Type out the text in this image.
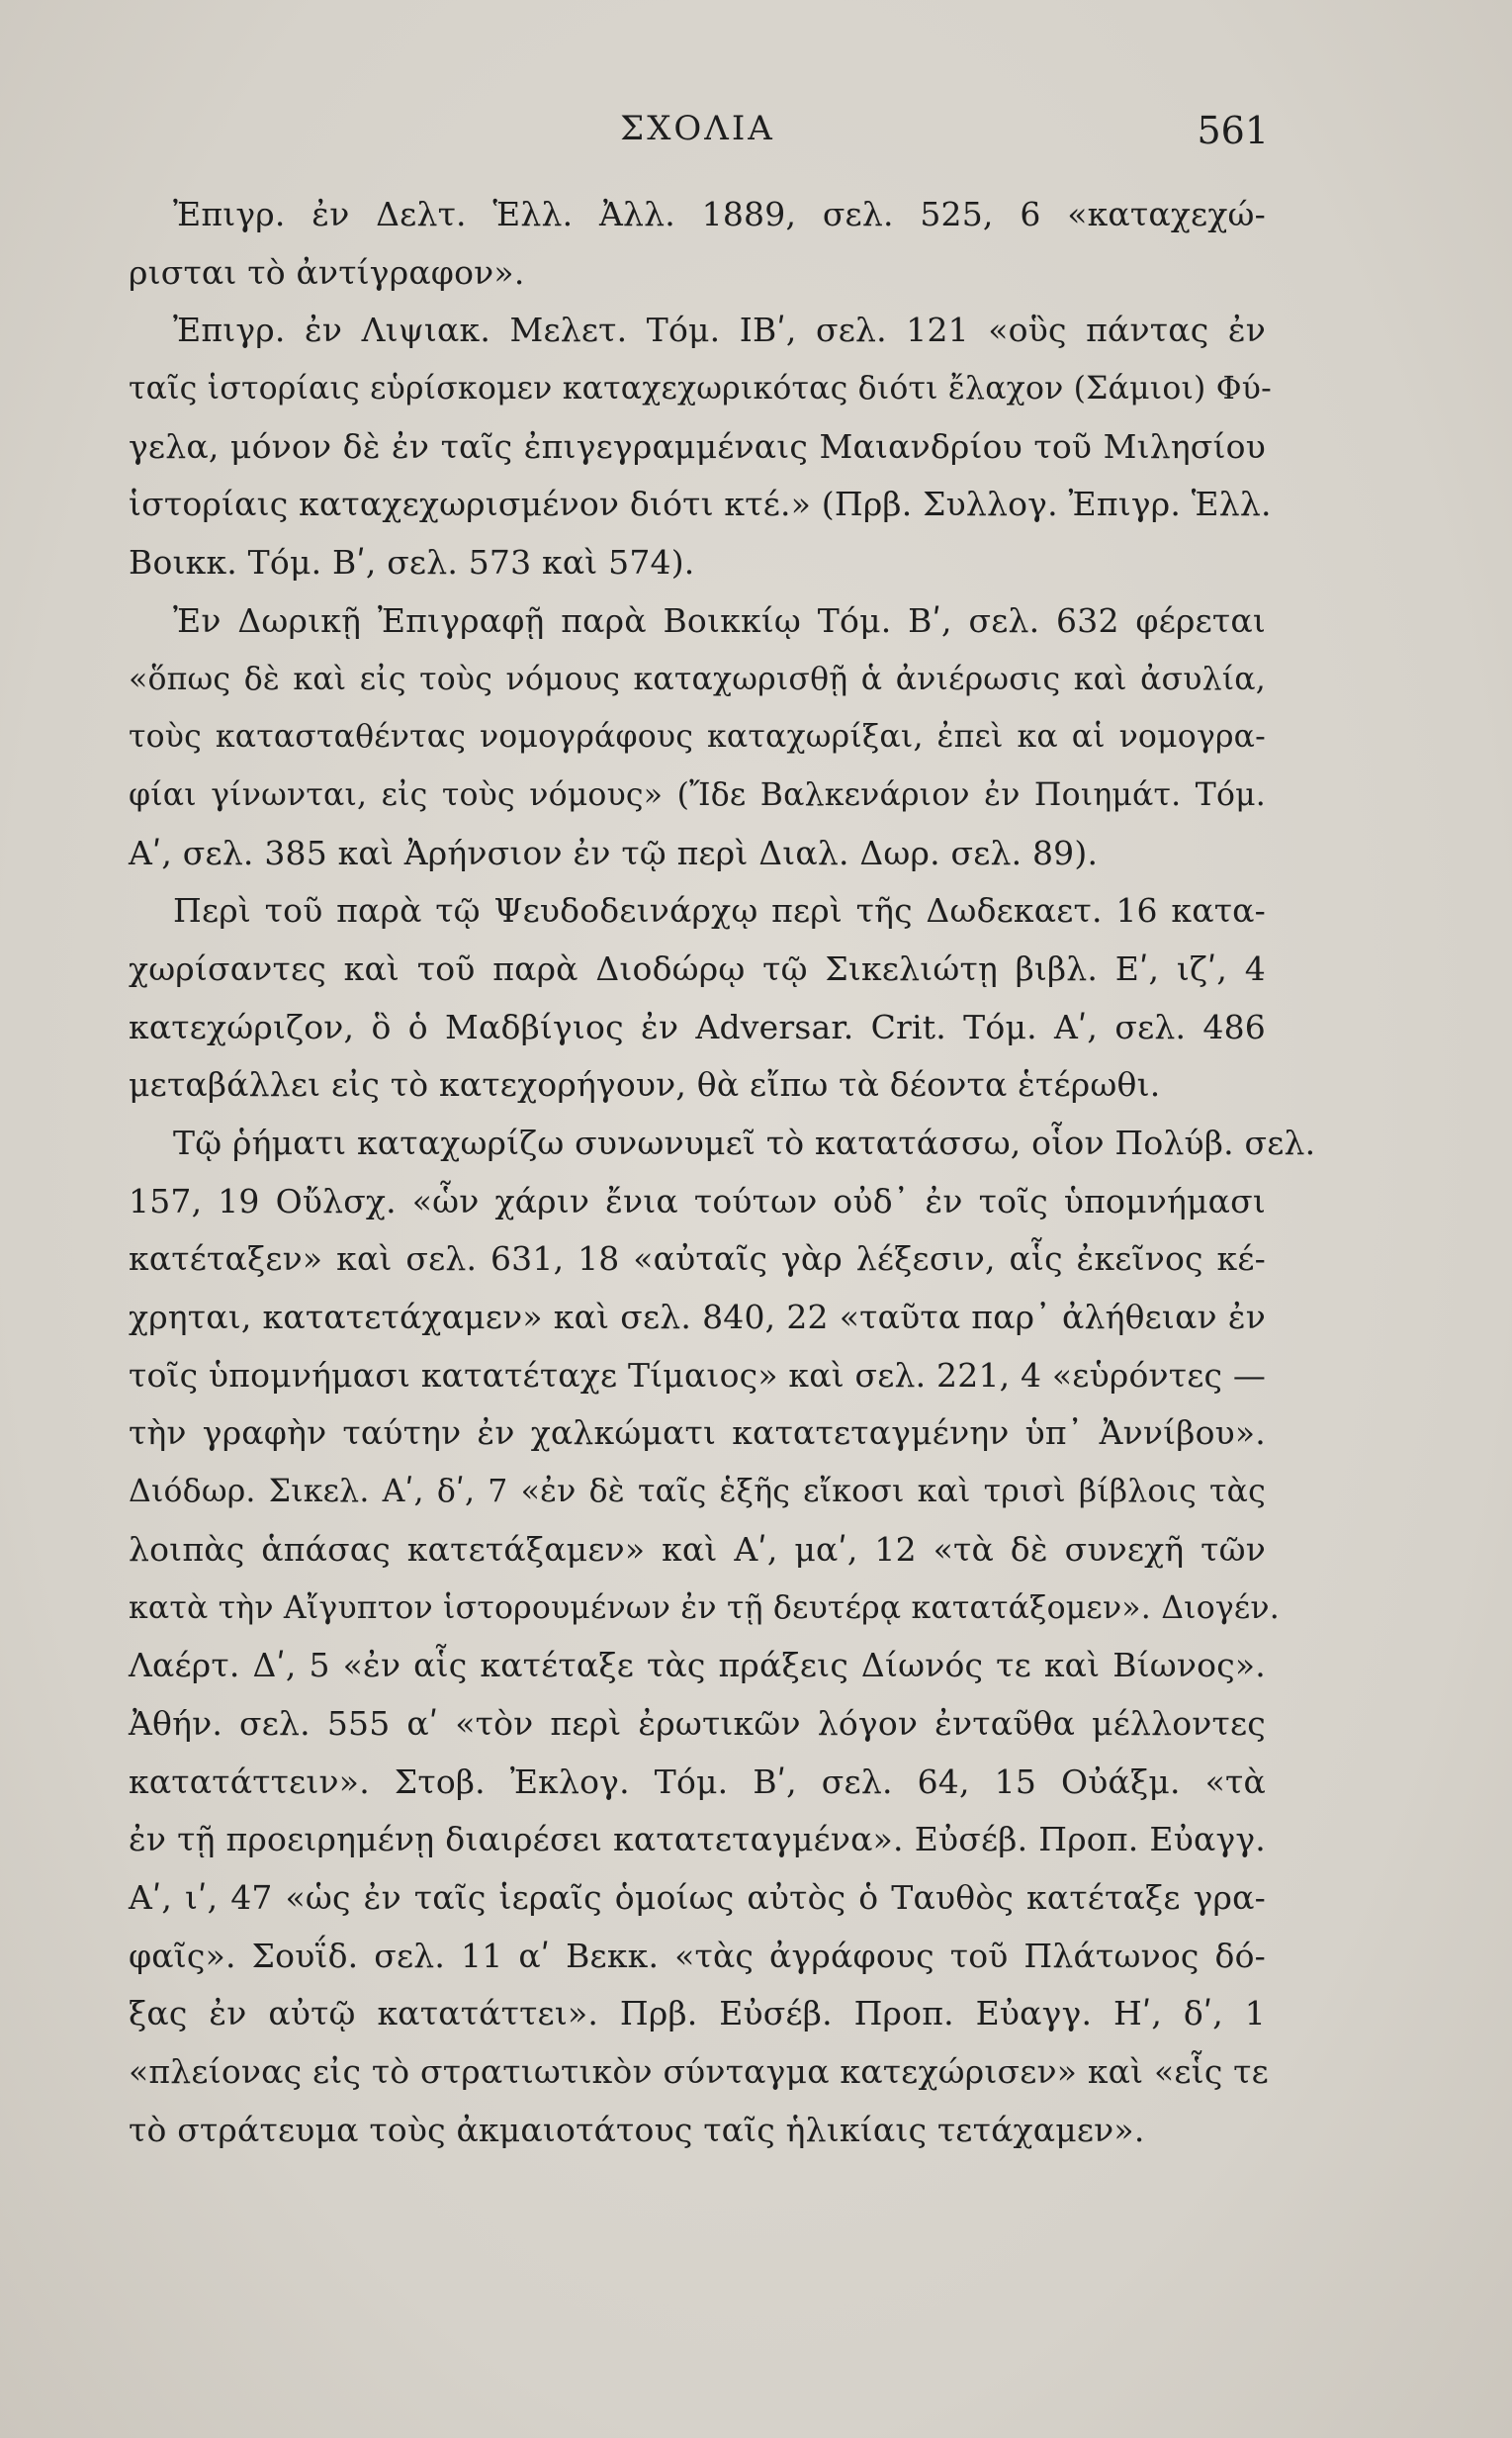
ΣΧΟΛΙΑ	561
Ἐπιγρ. ἐν Δελτ. Ἑλλ. Ἀλλ. 1889, σελ. 525, 6 «καταχεχώ-
ρισται τὸ ἀντίγραφον».
Ἐπιγρ. ἐν Λιψιακ. Μελετ. Τόμ. ΙΒʹ, σελ. 121 «οὓς πάντας ἐν
ταῖς ἱστορίαις εὑρίσκομεν καταχεχωρικότας διότι ἔλαχον (Σάμιοι) Φύ-
γελα, μόνον δὲ ἐν ταῖς ἐπιγεγραμμέναις Μαιανδρίου τοῦ Μιλησίου
ἱστορίαις καταχεχωρισμένον διότι κτέ.» (Πρβ. Συλλογ. Ἐπιγρ. Ἑλλ.
Βοικκ. Τόμ. Βʹ, σελ. 573 καὶ 574).
Ἐν Δωρικῇ Ἐπιγραφῇ παρὰ Βοικκίῳ Τόμ. Βʹ, σελ. 632 φέρεται
«ὅπως δὲ καὶ εἰς τοὺς νόμους καταχωρισθῇ ἁ ἀνιέρωσις καὶ ἀσυλία,
τοὺς κατασταθέντας νομογράφους καταχωρίξαι, ἐπεὶ κα αἱ νομογρα-
φίαι γίνωνται, εἰς τοὺς νόμους» (Ἴδε Βαλκενάριον ἐν Ποιημάτ. Τόμ.
Αʹ, σελ. 385 καὶ Ἀρήνσιον ἐν τῷ περὶ Διαλ. Δωρ. σελ. 89).
Περὶ τοῦ παρὰ τῷ Ψευδοδεινάρχῳ περὶ τῆς Δωδεκαετ. 16 κατα-
χωρίσαντες καὶ τοῦ παρὰ Διοδώρῳ τῷ Σικελιώτῃ βιβλ. Εʹ, ιζʹ, 4
κατεχώριζον, ὃ ὁ Μαδβίγιος ἐν Adversar. Crit. Τόμ. Αʹ, σελ. 486
μεταβάλλει εἰς τὸ κατεχορήγουν, θὰ εἴπω τὰ δέοντα ἑτέρωθι.
Τῷ ῥήματι καταχωρίζω συνωνυμεῖ τὸ κατατάσσω, οἷον Πολύβ. σελ.
157, 19 Οὔλσχ. «ὧν χάριν ἔνια τούτων οὐδ᾽ ἐν τοῖς ὑπομνήμασι
κατέταξεν» καὶ σελ. 631, 18 «αὐταῖς γὰρ λέξεσιν, αἷς ἐκεῖνος κέ-
χρηται, κατατετάχαμεν» καὶ σελ. 840, 22 «ταῦτα παρ᾽ ἀλήθειαν ἐν
τοῖς ὑπομνήμασι κατατέταχε Τίμαιος» καὶ σελ. 221, 4 «εὑρόντες —
τὴν γραφὴν ταύτην ἐν χαλκώματι κατατεταγμένην ὑπ᾽ Ἀννίβου».
Διόδωρ. Σικελ. Αʹ, δʹ, 7 «ἐν δὲ ταῖς ἑξῆς εἴκοσι καὶ τρισὶ βίβλοις τὰς
λοιπὰς ἁπάσας κατετάξαμεν» καὶ Αʹ, μαʹ, 12 «τὰ δὲ συνεχῆ τῶν
κατὰ τὴν Αἴγυπτον ἱστορουμένων ἐν τῇ δευτέρᾳ κατατάξομεν». Διογέν.
Λαέρτ. Δʹ, 5 «ἐν αἷς κατέταξε τὰς πράξεις Δίωνός τε καὶ Βίωνος».
Ἀθήν. σελ. 555 αʹ «τὸν περὶ ἐρωτικῶν λόγον ἐνταῦθα μέλλοντες
κατατάττειν». Στοβ. Ἐκλογ. Τόμ. Βʹ, σελ. 64, 15 Οὐάξμ. «τὰ
ἐν τῇ προειρημένῃ διαιρέσει κατατεταγμένα». Εὐσέβ. Προπ. Εὐαγγ.
Αʹ, ιʹ, 47 «ὡς ἐν ταῖς ἱεραῖς ὁμοίως αὐτὸς ὁ Ταυθὸς κατέταξε γρα-
φαῖς». Σουΐδ. σελ. 11 αʹ Βεκκ. «τὰς ἀγράφους τοῦ Πλάτωνος δό-
ξας ἐν αὐτῷ κατατάττει». Πρβ. Εὐσέβ. Προπ. Εὐαγγ. Ηʹ, δʹ, 1
«πλείονας εἰς τὸ στρατιωτικὸν σύνταγμα κατεχώρισεν» καὶ «εἷς τε
τὸ στράτευμα τοὺς ἀκμαιοτάτους ταῖς ἡλικίαις τετάχαμεν».
